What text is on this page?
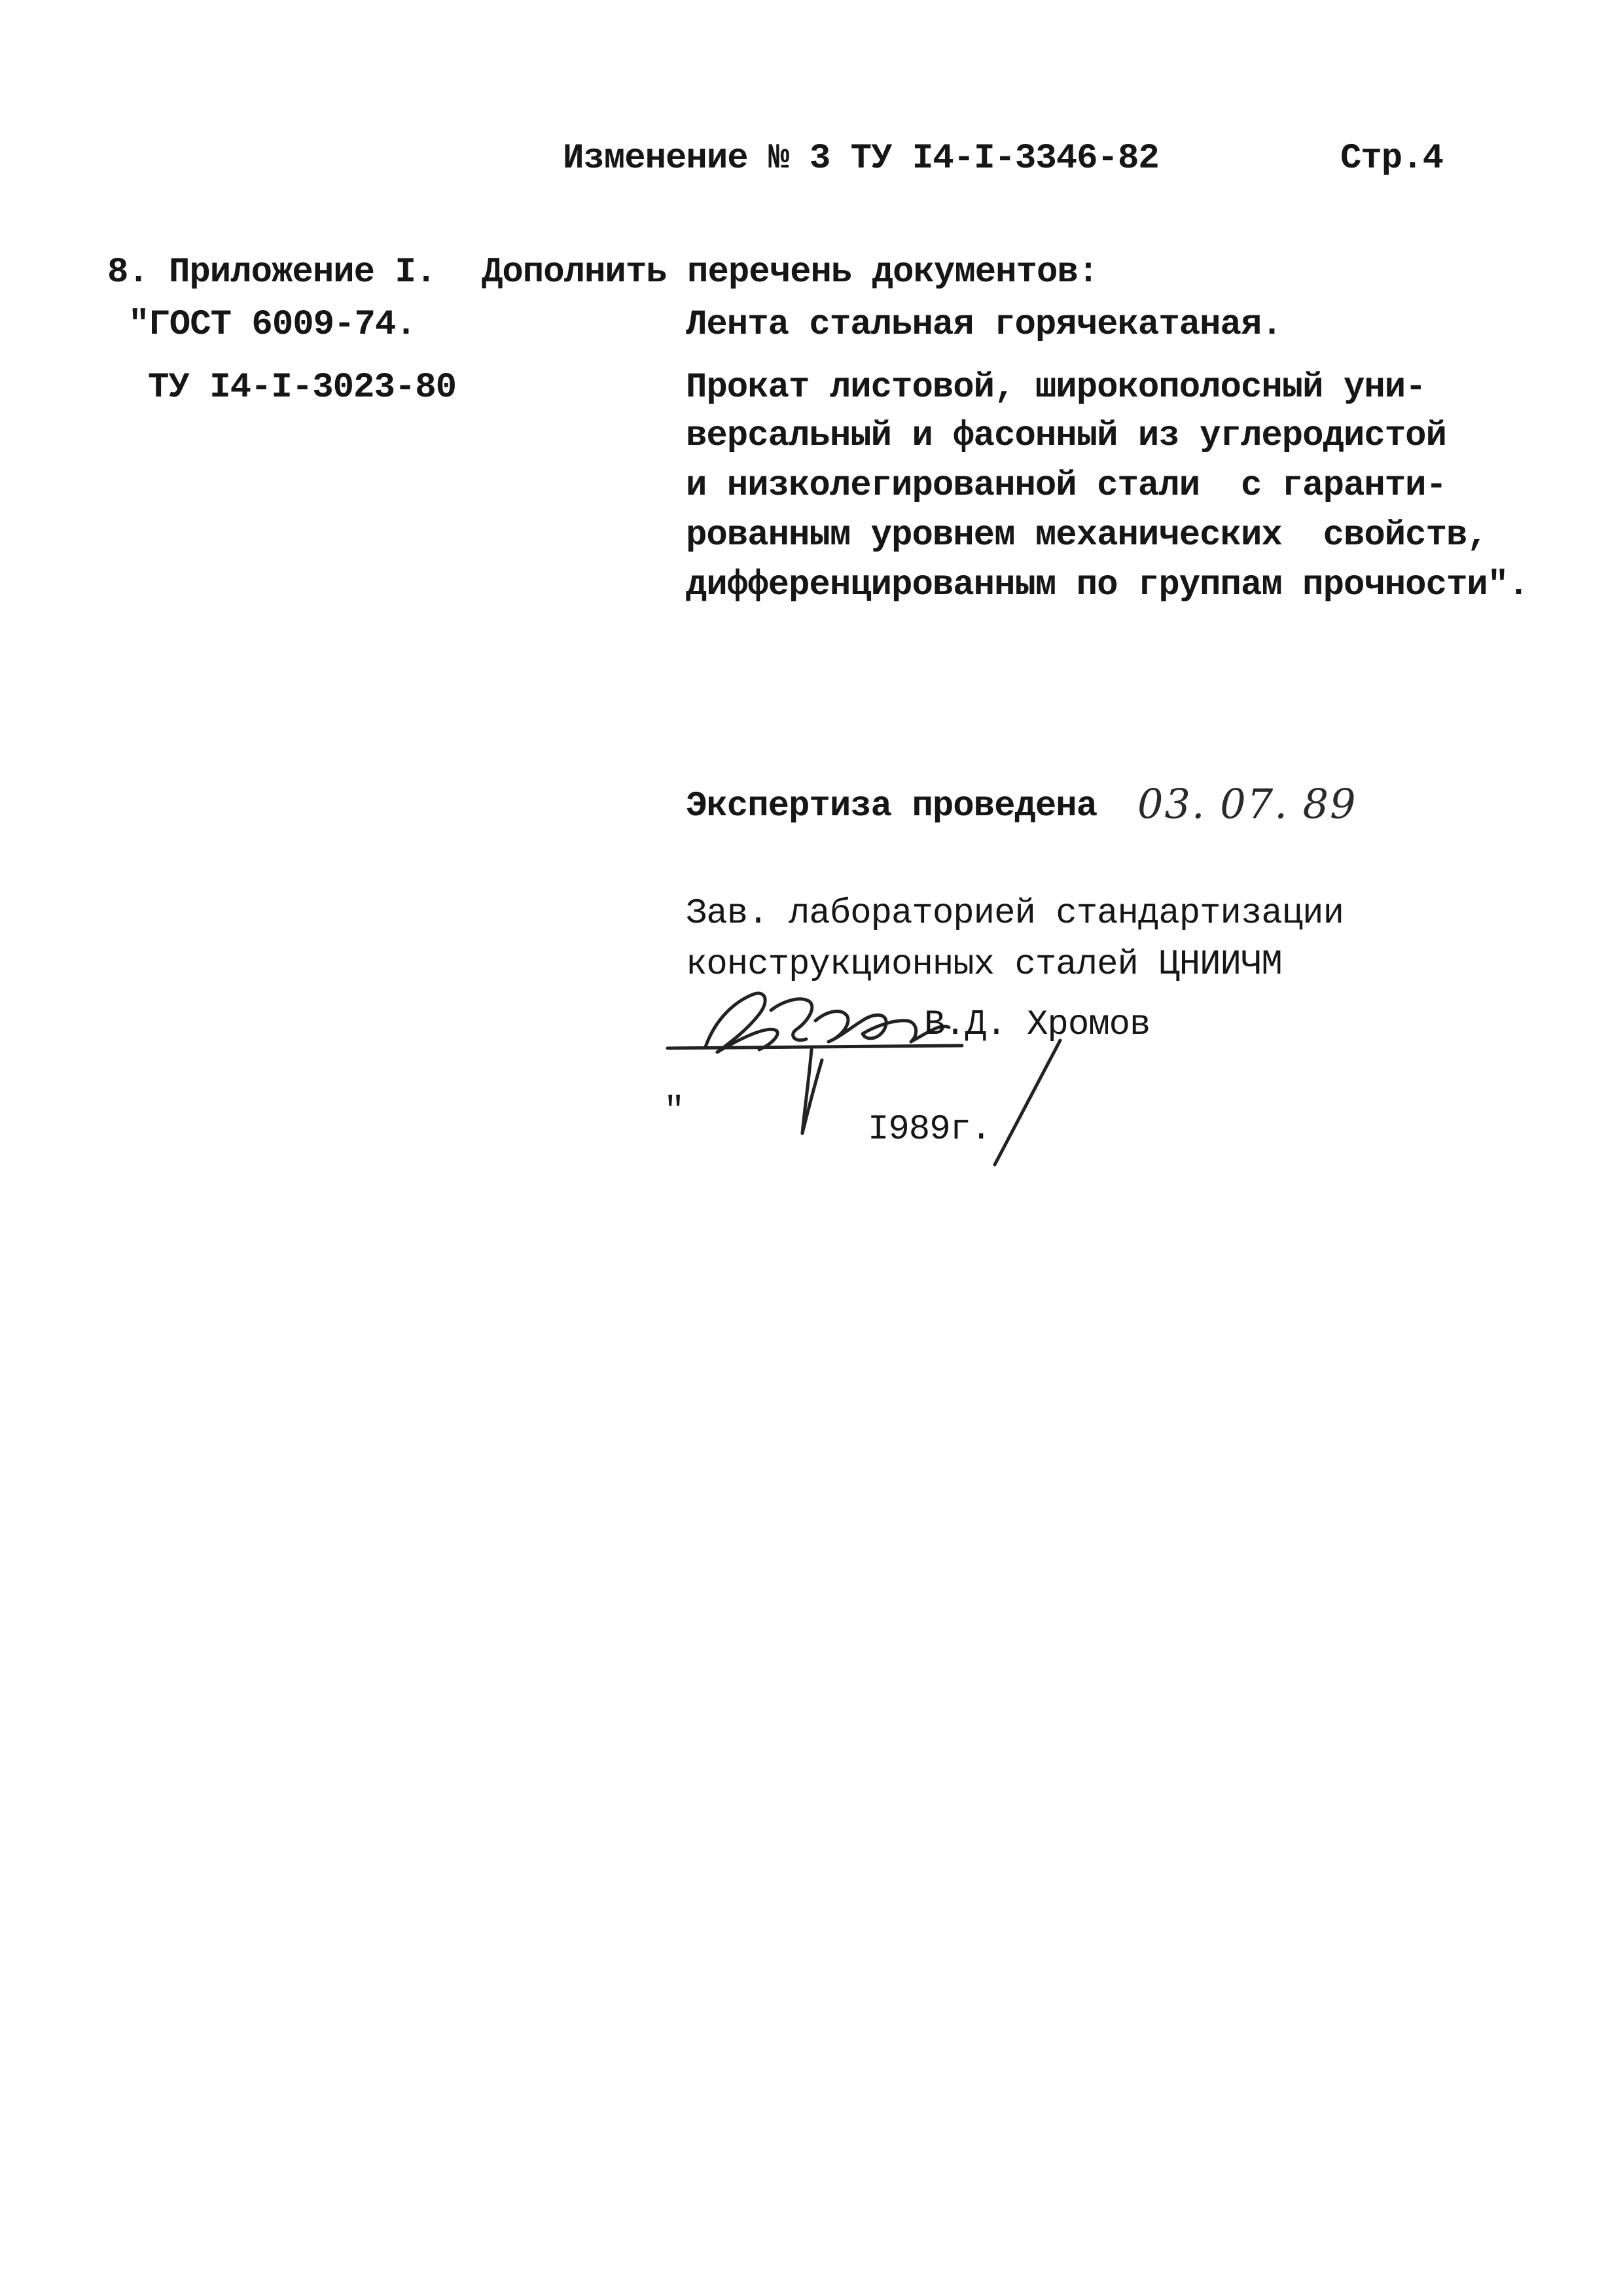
Изменение № 3 ТУ I4-I-3346-82	Стр.4
8. Приложение I. Дополнить перечень документов:
"ГОСТ 6009-74.	Лента стальная горячекатаная.
ТУ I4-I-3023-80	Прокат листовой, широкополосный уни-
версальный и фасонный из углеродистой
и низколегированной стали  с гаранти-
рованным уровнем механических  свойств,
дифференцированным по группам прочности".
Экспертиза проведена 03. 07. 89
Зав. лабораторией стандартизации
конструкционных сталей ЦНИИЧМ
В.Д. Хромов
"	I989г.
